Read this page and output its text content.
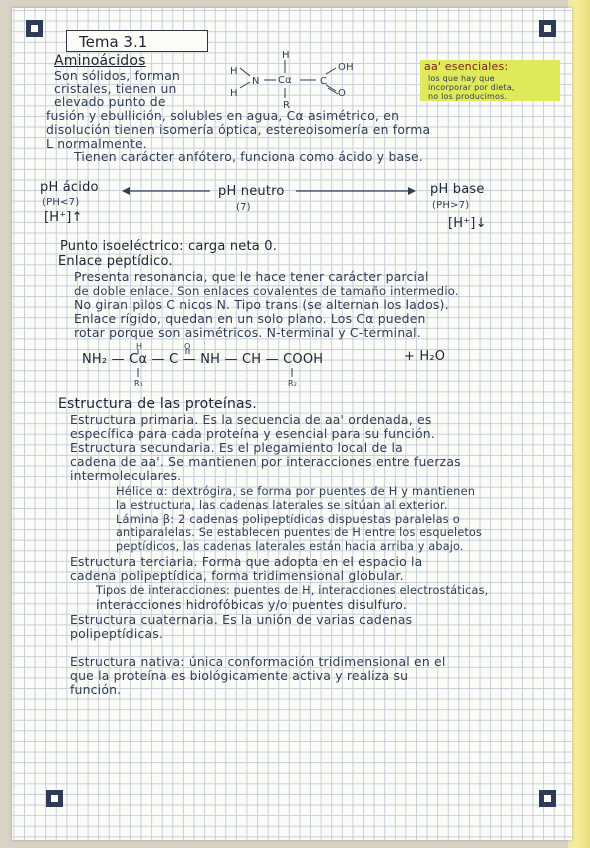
Tema 3.1
Aminoácidos
Son sólidos, forman
cristales, tienen un
elevado punto de
fusión y ebullición, solubles en agua, Cα asimétrico, en
disolución tienen isomería óptica, estereoisomería en forma
L normalmente.
Tienen carácter anfótero, funciona como ácido y base.
H
H
N
H
Cα	C
OH
O
R
aa' esenciales:
los que hay que
incorporar por dieta,
no los producimos.
pH ácido
(PH<7)
[H⁺]↑
pH neutro
(7)
pH base
(PH>7)
[H⁺]↓
Punto isoeléctrico: carga neta 0.
Enlace peptídico.
Presenta resonancia, que le hace tener carácter parcial
de doble enlace. Son enlaces covalentes de tamaño intermedio.
No giran pilos C nicos N. Tipo trans (se alternan los lados).
Enlace rígido, quedan en un solo plano. Los Cα pueden
rotar porque son asimétricos. N-terminal y C-terminal.
H	O
NH₂ — Cα — C — NH — CH — COOH	+ H₂O
R₁	R₂
Estructura de las proteínas.
Estructura primaria. Es la secuencia de aa' ordenada, es
específica para cada proteína y esencial para su función.
Estructura secundaria. Es el plegamiento local de la
cadena de aa'. Se mantienen por interacciones entre fuerzas
intermoleculares.
Hélice α: dextrógira, se forma por puentes de H y mantienen
la estructura, las cadenas laterales se sitúan al exterior.
Lámina β: 2 cadenas polipeptídicas dispuestas paralelas o
antiparalelas. Se establecen puentes de H entre los esqueletos
peptídicos, las cadenas laterales están hacia arriba y abajo.
Estructura terciaria. Forma que adopta en el espacio la
cadena polipeptídica, forma tridimensional globular.
Tipos de interacciones: puentes de H, interacciones electrostáticas,
interacciones hidrofóbicas y/o puentes disulfuro.
Estructura cuaternaria. Es la unión de varias cadenas
polipeptídicas.
Estructura nativa: única conformación tridimensional en el
que la proteína es biológicamente activa y realiza su
función.
